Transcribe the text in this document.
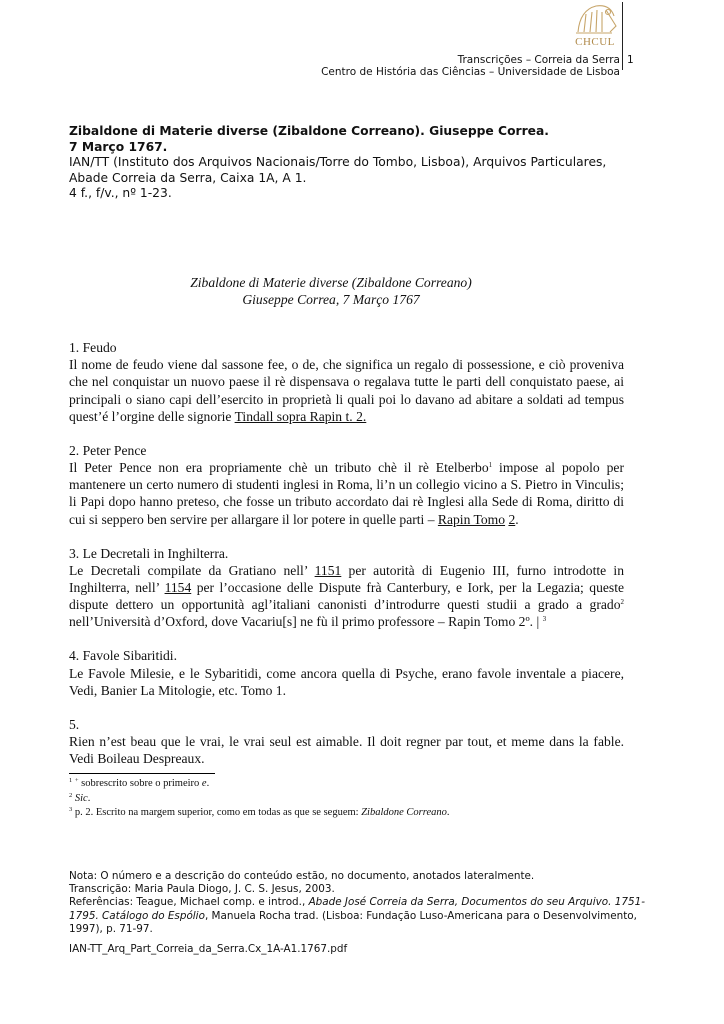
CHCUL
Transcrições – Correia da Serra 1
Centro de História das Ciências – Universidade de Lisboa
Zibaldone di Materie diverse (Zibaldone Correano). Giuseppe Correa.
7 Março 1767.
IAN/TT (Instituto dos Arquivos Nacionais/Torre do Tombo, Lisboa), Arquivos Particulares,
Abade Correia da Serra, Caixa 1A, A 1.
4 f., f/v., nº 1-23.
Zibaldone di Materie diverse (Zibaldone Correano)
Giuseppe Correa, 7 Março 1767

1. Feudo

Il nome de feudo viene dal sassone fee, o de, che significa un regalo di possessione, e ciò proveniva che nel conquistar un nuovo paese il rè dispensava o regalava tutte le parti dell conquistato paese, ai principali o siano capi dell’esercito in proprietà li quali poi lo davano ad abitare a soldati ad tempus quest’é l’orgine delle signorie Tindall sopra Rapin t. 2.

2. Peter Pence

Il Peter Pence non era propriamente chè un tributo chè il rè Etelberbo$^1$ impose al popolo per mantenere un certo numero di studenti inglesi in Roma, li’n un collegio vicino a S. Pietro in Vinculis; li Papi dopo hanno preteso, che fosse un tributo accordato dai rè Inglesi alla Sede di Roma, diritto di cui si seppero ben servire per allargare il lor potere in quelle parti – Rapin Tomo 2.

3. Le Decretali in Inghilterra.

Le Decretali compilate da Gratiano nell’ 1151 per autorità di Eugenio III, furno introdotte in Inghilterra, nell’ 1154 per l’occasione delle Dispute frà Canterbury, e Iork, per la Legazia; queste dispute dettero un opportunità agl’italiani canonisti d’introdurre questi studii a grado a grado$^2$ nell’Università d’Oxford, dove Vacariu[s] ne fù il primo professore – Rapin Tomo 2º. | $^3$

4. Favole Sibaritidi.

Le Favole Milesie, e le Sybaritidi, come ancora quella di Psyche, erano favole inventale a piacere, Vedi, Banier La Mitologie, etc. Tomo 1.

5.

Rien n’est beau que le vrai, le vrai seul est aimable. Il doit regner par tout, et meme dans la fable. Vedi Boileau Despreaux.

$^1$ + sobrescrito sobre o primeiro e.
$^2$ Sic.
$^3$ p. 2. Escrito na margem superior, como em todas as que se seguem: Zibaldone Correano.
Nota: O número e a descrição do conteúdo estão, no documento, anotados lateralmente.
Transcrição: Maria Paula Diogo, J. C. S. Jesus, 2003.
Referências: Teague, Michael comp. e introd., Abade José Correia da Serra, Documentos do seu Arquivo. 1751-
1795. Catálogo do Espólio, Manuela Rocha trad. (Lisboa: Fundação Luso-Americana para o Desenvolvimento,
1997), p. 71-97.
IAN-TT_Arq_Part_Correia_da_Serra.Cx_1A-A1.1767.pdf
